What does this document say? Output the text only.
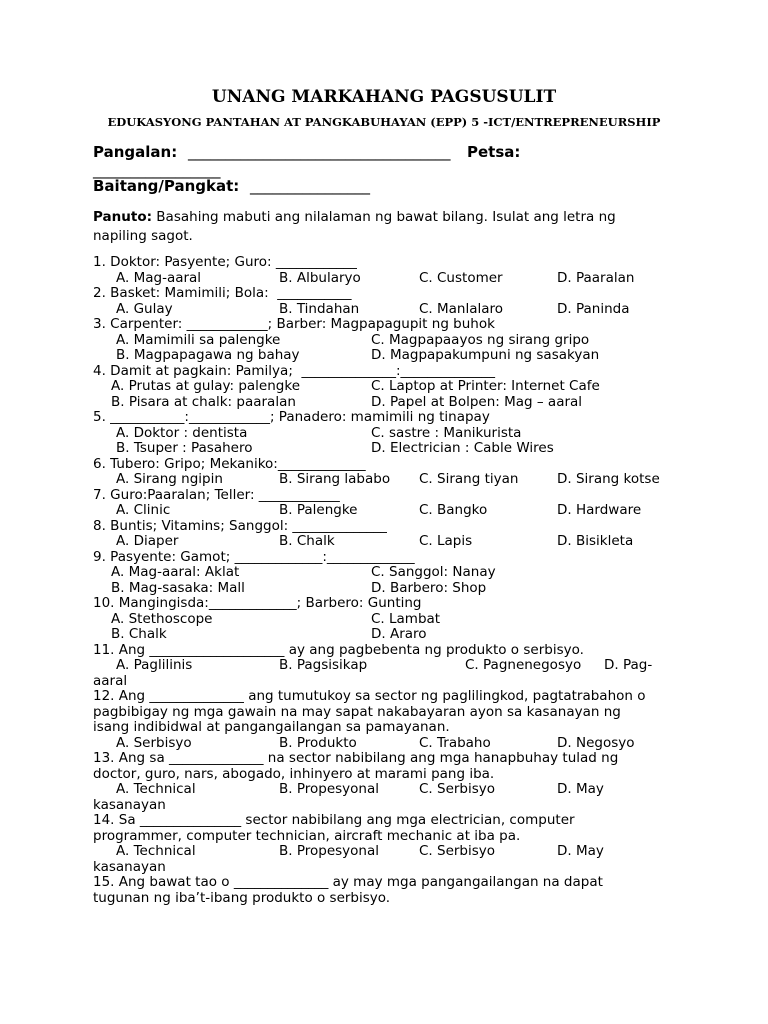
UNANG MARKAHANG PAGSUSULIT
EDUKASYONG PANTAHAN AT PANGKABUHAYAN (EPP) 5 -ICT/ENTREPRENEURSHIP
Pangalan: ___________________________________ Petsa:
_________________
Baitang/Pangkat: ________________
Panuto: Basahing mabuti ang nilalaman ng bawat bilang. Isulat ang letra ng
napiling sagot.
1. Doktor: Pasyente; Guro: ____________
A. Mag-aaral	B. Albularyo	C. Customer	D. Paaralan
2. Basket: Mamimili; Bola:  ___________
A. Gulay	B. Tindahan	C. Manlalaro	D. Paninda
3. Carpenter: ____________; Barber: Magpapagupit ng buhok
A. Mamimili sa palengke	C. Magpapaayos ng sirang gripo
B. Magpapagawa ng bahay	D. Magpapakumpuni ng sasakyan
4. Damit at pagkain: Pamilya;  ______________:______________
A. Prutas at gulay: palengke	C. Laptop at Printer: Internet Cafe
B. Pisara at chalk: paaralan	D. Papel at Bolpen: Mag – aaral
5. ___________:____________; Panadero: mamimili ng tinapay
A. Doktor : dentista	C. sastre : Manikurista
B. Tsuper : Pasahero	D. Electrician : Cable Wires
6. Tubero: Gripo; Mekaniko:_____________
A. Sirang ngipin	B. Sirang lababo C. Sirang tiyan	D. Sirang kotse
7. Guro:Paaralan; Teller: ____________
A. Clinic	B. Palengke	C. Bangko	D. Hardware
8. Buntis; Vitamins; Sanggol: ______________
A. Diaper	B. Chalk	C. Lapis	D. Bisikleta
9. Pasyente: Gamot; _____________:_____________
A. Mag-aaral: Aklat	C. Sanggol: Nanay
B. Mag-sasaka: Mall	D. Barbero: Shop
10. Mangingisda:_____________; Barbero: Gunting
A. Stethoscope	C. Lambat
B. Chalk	D. Araro
11. Ang ____________________ ay ang pagbebenta ng produkto o serbisyo.
A. Paglilinis	B. Pagsisikap	C. Pagnenegosyo D. Pag-
aaral
12. Ang ______________ ang tumutukoy sa sector ng paglilingkod, pagtatrabahon o
pagbibigay ng mga gawain na may sapat nakabayaran ayon sa kasanayan ng
isang indibidwal at pangangailangan sa pamayanan.
A. Serbisyo	B. Produkto	C. Trabaho	D. Negosyo
13. Ang sa ______________ na sector nabibilang ang mga hanapbuhay tulad ng
doctor, guro, nars, abogado, inhinyero at marami pang iba.
A. Technical	B. Propesyonal	C. Serbisyo	D. May
kasanayan
14. Sa _______________ sector nabibilang ang mga electrician, computer
programmer, computer technician, aircraft mechanic at iba pa.
A. Technical	B. Propesyonal	C. Serbisyo	D. May
kasanayan
15. Ang bawat tao o ______________ ay may mga pangangailangan na dapat
tugunan ng iba’t-ibang produkto o serbisyo.
